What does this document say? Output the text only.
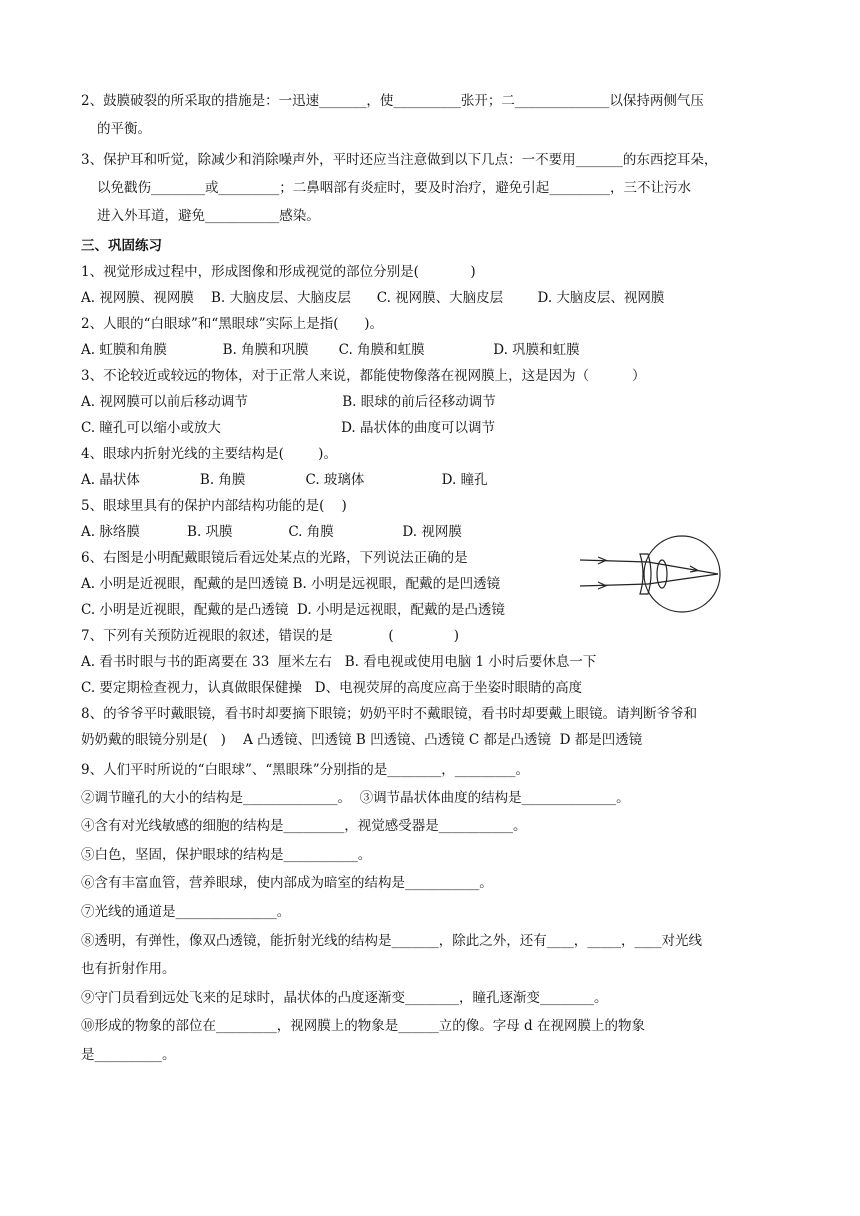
2、鼓膜破裂的所采取的措施是：一迅速_______，使__________张开；二______________以保持两侧气压
的平衡。
3、保护耳和听觉，除减少和消除噪声外，平时还应当注意做到以下几点：一不要用_______的东西挖耳朵，
以免戳伤________或_________；二鼻咽部有炎症时，要及时治疗，避免引起_________，三不让污水
进入外耳道，避免___________感染。
三、巩固练习
1、视觉形成过程中，形成图像和形成视觉的部位分别是(            )
A. 视网膜、视网膜    B. 大脑皮层、大脑皮层      C. 视网膜、大脑皮层        D. 大脑皮层、视网膜
2、人眼的“白眼球”和“黑眼球”实际上是指(      )。
A. 虹膜和角膜             B. 角膜和巩膜       C. 角膜和虹膜                D. 巩膜和虹膜
3、不论较近或较远的物体，对于正常人来说，都能使物像落在视网膜上，这是因为（          ）
A. 视网膜可以前后移动调节                      B. 眼球的前后径移动调节
C. 瞳孔可以缩小或放大                            D. 晶状体的曲度可以调节
4、眼球内折射光线的主要结构是(        )。
A. 晶状体              B. 角膜              C. 玻璃体                  D. 瞳孔
5、眼球里具有的保护内部结构功能的是(    )
A. 脉络膜           B. 巩膜             C. 角膜                D. 视网膜
6、右图是小明配戴眼镜后看远处某点的光路，下列说法正确的是
A. 小明是近视眼，配戴的是凹透镜 B. 小明是远视眼，配戴的是凹透镜
C. 小明是近视眼，配戴的是凸透镜  D. 小明是远视眼，配戴的是凸透镜
7、下列有关预防近视眼的叙述，错误的是             (              )
A. 看书时眼与书的距离要在 33  厘米左右   B. 看电视或使用电脑 1 小时后要休息一下
C. 要定期检查视力，认真做眼保健操   D、电视荧屏的高度应高于坐姿时眼睛的高度
8、的爷爷平时戴眼镜，看书时却要摘下眼镜；奶奶平时不戴眼镜，看书时却要戴上眼镜。请判断爷爷和
奶奶戴的眼镜分别是(   )    A 凸透镜、凹透镜 B 凹透镜、凸透镜 C 都是凸透镜  D 都是凹透镜
9、人们平时所说的“白眼球”、“黑眼珠”分别指的是________，_________。
②调节瞳孔的大小的结构是______________。  ③调节晶状体曲度的结构是______________。
④含有对光线敏感的细胞的结构是_________，视觉感受器是___________。
⑤白色，坚固，保护眼球的结构是___________。
⑥含有丰富血管，营养眼球，使内部成为暗室的结构是___________。
⑦光线的通道是_______________。
⑧透明，有弹性，像双凸透镜，能折射光线的结构是_______，除此之外，还有____，_____，____对光线
也有折射作用。
⑨守门员看到远处飞来的足球时，晶状体的凸度逐渐变________，瞳孔逐渐变________。
⑩形成的物象的部位在_________，视网膜上的物象是______立的像。字母 d 在视网膜上的物象
是__________。
